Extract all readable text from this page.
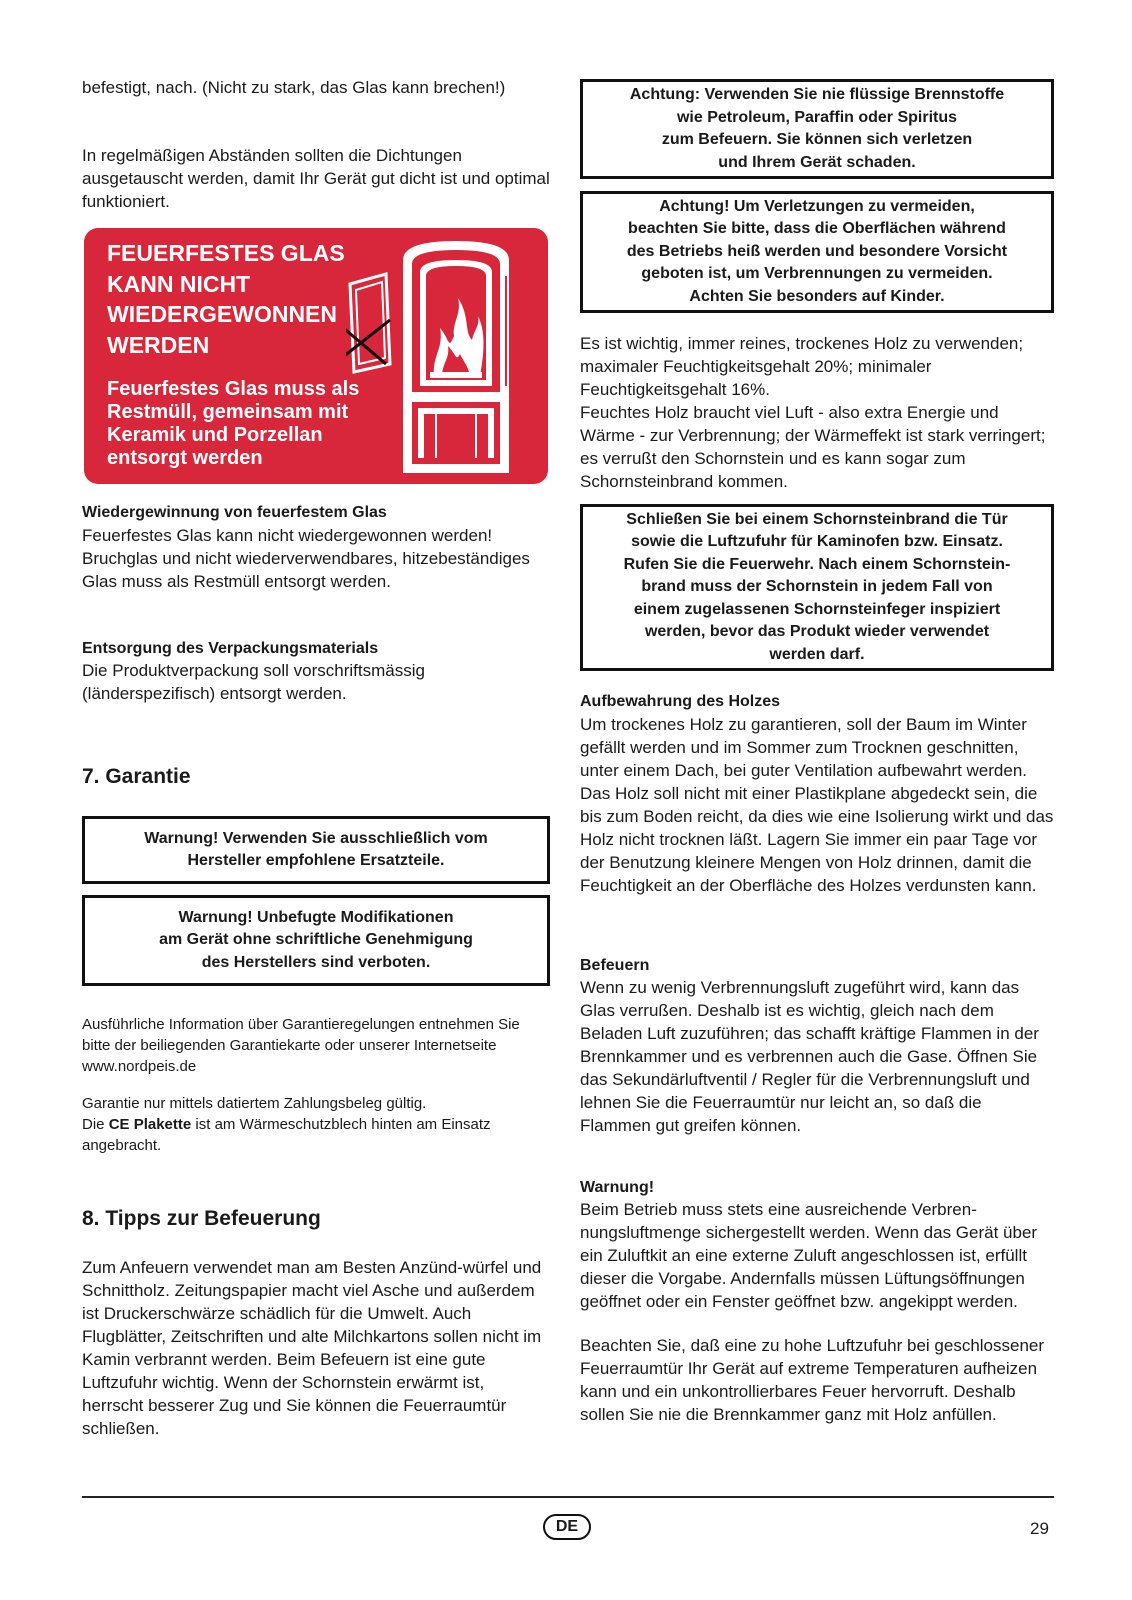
befestigt, nach. (Nicht zu stark, das Glas kann brechen!)

In regelmäßigen Abständen sollten die Dichtungen ausgetauscht werden, damit Ihr Gerät gut dicht ist und optimal funktioniert.

FEUERFESTES GLAS
KANN NICHT
WIEDERGEWONNEN
WERDEN
Feuerfestes Glas muss als Restmüll, gemeinsam mit Keramik und Porzellan entsorgt werden

Wiedergewinnung von feuerfestem Glas

Feuerfestes Glas kann nicht wiedergewonnen werden! Bruchglas und nicht wiederverwendbares, hitzebeständiges Glas muss als Restmüll entsorgt werden.

Entsorgung des Verpackungsmaterials

Die Produktverpackung soll vorschriftsmässig (länderspezifisch) entsorgt werden.

7. Garantie

Warnung! Verwenden Sie ausschließlich vom
Hersteller empfohlene Ersatzteile.
Warnung! Unbefugte Modifikationen
am Gerät ohne schriftliche Genehmigung
des Herstellers sind verboten.

Ausführliche Information über Garantieregelungen entnehmen Sie bitte der beiliegenden Garantiekarte oder unserer Internetseite www.nordpeis.de

Garantie nur mittels datiertem Zahlungsbeleg gültig.

Die CE Plakette ist am Wärmeschutzblech hinten am Einsatz angebracht.

8. Tipps zur Befeuerung

Zum Anfeuern verwendet man am Besten Anzünd-würfel und Schnittholz. Zeitungspapier macht viel Asche und außerdem ist Druckerschwärze schädlich für die Umwelt. Auch Flugblätter, Zeitschriften und alte Milchkartons sollen nicht im Kamin verbrannt werden. Beim Befeuern ist eine gute Luftzufuhr wichtig. Wenn der Schornstein erwärmt ist, herrscht besserer Zug und Sie können die Feuerraumtür schließen.

Achtung: Verwenden Sie nie flüssige Brennstoffe
wie Petroleum, Paraffin oder Spiritus
zum Befeuern. Sie können sich verletzen
und Ihrem Gerät schaden.
Achtung! Um Verletzungen zu vermeiden,
beachten Sie bitte, dass die Oberflächen während
des Betriebs heiß werden und besondere Vorsicht
geboten ist, um Verbrennungen zu vermeiden.
Achten Sie besonders auf Kinder.

Es ist wichtig, immer reines, trockenes Holz zu verwenden; maximaler Feuchtigkeitsgehalt 20%; minimaler Feuchtigkeitsgehalt 16%.

Feuchtes Holz braucht viel Luft - also extra Energie und Wärme - zur Verbrennung; der Wärmeffekt ist stark verringert; es verrußt den Schornstein und es kann sogar zum Schornsteinbrand kommen.

Schließen Sie bei einem Schornsteinbrand die Tür
sowie die Luftzufuhr für Kaminofen bzw. Einsatz.
Rufen Sie die Feuerwehr. Nach einem Schornstein-
brand muss der Schornstein in jedem Fall von
einem zugelassenen Schornsteinfeger inspiziert
werden, bevor das Produkt wieder verwendet
werden darf.

Aufbewahrung des Holzes

Um trockenes Holz zu garantieren, soll der Baum im Winter gefällt werden und im Sommer zum Trocknen geschnitten, unter einem Dach, bei guter Ventilation aufbewahrt werden. Das Holz soll nicht mit einer Plastikplane abgedeckt sein, die bis zum Boden reicht, da dies wie eine Isolierung wirkt und das Holz nicht trocknen läßt. Lagern Sie immer ein paar Tage vor der Benutzung kleinere Mengen von Holz drinnen, damit die Feuchtigkeit an der Oberfläche des Holzes verdunsten kann.

Befeuern

Wenn zu wenig Verbrennungsluft zugeführt wird, kann das Glas verrußen. Deshalb ist es wichtig, gleich nach dem Beladen Luft zuzuführen; das schafft kräftige Flammen in der Brennkammer und es verbrennen auch die Gase. Öffnen Sie das Sekundärluftventil / Regler für die Verbrennungsluft und lehnen Sie die Feuerraumtür nur leicht an, so daß die Flammen gut greifen können.

Warnung!

Beim Betrieb muss stets eine ausreichende Verbren-nungsluftmenge sichergestellt werden. Wenn das Gerät über ein Zuluftkit an eine externe Zuluft angeschlossen ist, erfüllt dieser die Vorgabe. Andernfalls müssen Lüftungsöffnungen geöffnet oder ein Fenster geöffnet bzw. angekippt werden.

Beachten Sie, daß eine zu hohe Luftzufuhr bei geschlossener Feuerraumtür Ihr Gerät auf extreme Temperaturen aufheizen kann und ein unkontrollierbares Feuer hervorruft. Deshalb sollen Sie nie die Brennkammer ganz mit Holz anfüllen.

DE	29
